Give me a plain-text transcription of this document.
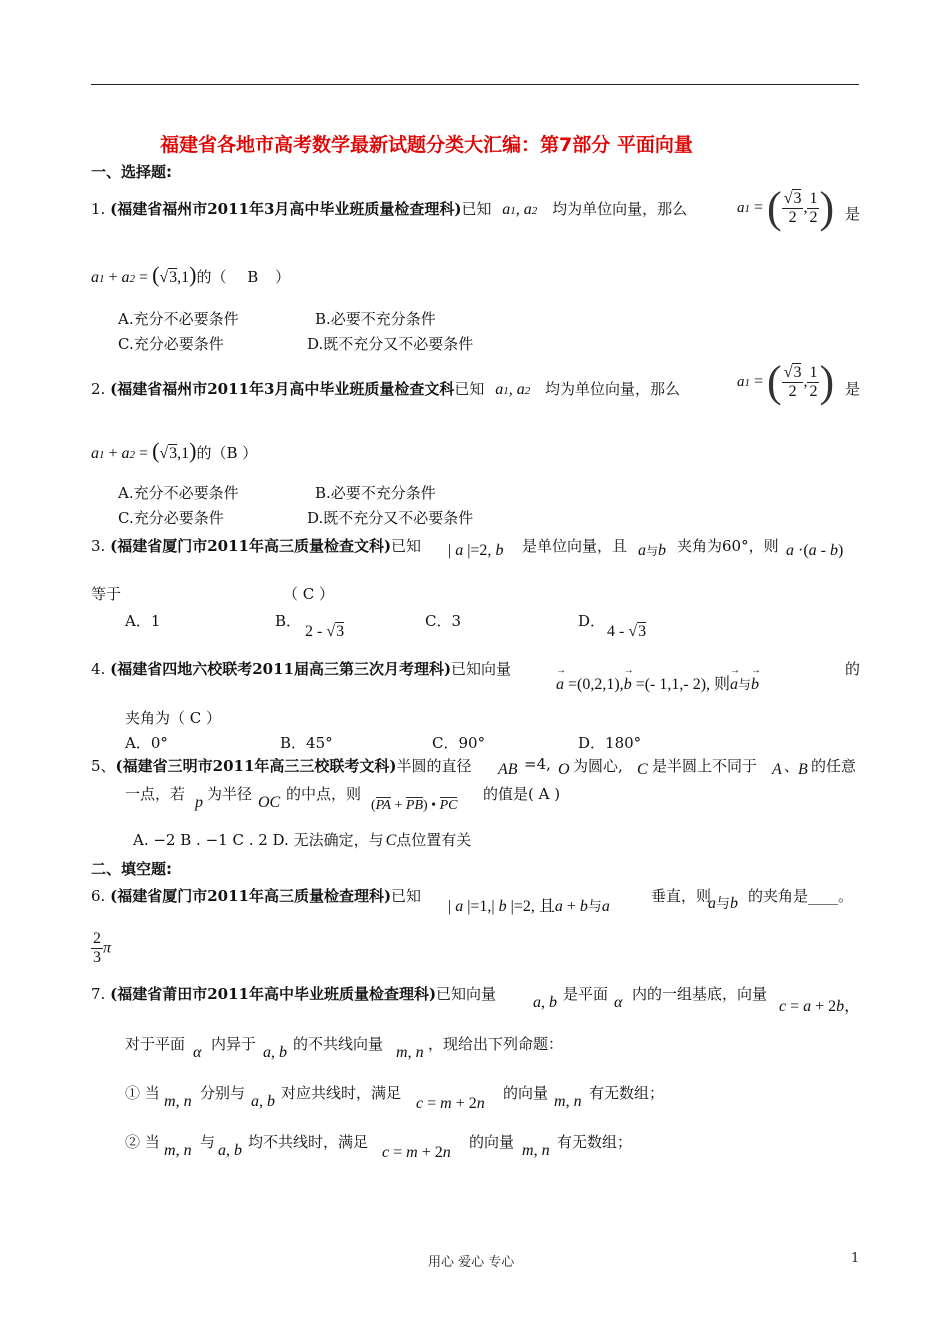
福建省各地市高考数学最新试题分类大汇编：第7部分 平面向量
一、选择题:
1. (福建省福州市2011年3月高中毕业班质量检查理科)已知 a1, a2 均为单位向量，那么	a1 = ( $\frac{√3}{2}$ , $\frac{1}{2}$ ) 是
a1 + a2 = (√3,1)的（ B ）
A.充分不必要条件	B.必要不充分条件
C.充分必要条件	D.既不充分又不必要条件
2. (福建省福州市2011年3月高中毕业班质量检查文科已知 a1, a2 均为单位向量，那么	a1 = ( $\frac{√3}{2}$ , $\frac{1}{2}$ ) 是
a1 + a2 = (√3,1)的（B ）
A.充分不必要条件	B.必要不充分条件
C.充分必要条件	D.既不充分又不必要条件
3. (福建省厦门市2011年高三质量检查文科)已知 | a |=2, b 是单位向量，且 a与b 夹角为60°，则 a ·(a - b)
等于	（ C ）
A．1	B．
2 - √3
C．3	D．
4 - √3
4. (福建省四地六校联考2011届高三第三次月考理科)已知向量
→ a =(0,2,1),→ b =(- 1,1,- 2), 则→ a与→ b
的
夹角为（ C ）
A．0°	B．45°	C．90°	D．180°
5、(福建省三明市2011年高三三校联考文科)半圆的直径 AB =4, O 为圆心, C 是半圆上不同于 A 、
B 的任意
一点，若 p 为半径 OC 的中点，则
(PA + PB) • PC
的值是( A )
A. −2 B . −1 C . 2 D. 无法确定，与 C点位置有关
二、填空题:
6. (福建省厦门市2011年高三质量检查理科)已知
| a |=1,| b |=2, 且a + b与a
垂直，则
a与b 的夹角是____。
$\frac{2}{3}$ π
7. (福建省莆田市2011年高中毕业班质量检查理科)已知向量 a, b 是平面 α 内的一组基底，向量
c = a + 2b，
对于平面 α 内异于 a, b 的不共线向量 m, n ，现给出下列命题：
① 当 m, n 分别与 a, b 对应共线时，满足
c = m + 2n
的向量 m, n 有无数组；
② 当 m, n 与 a, b 均不共线时，满足
c = m + 2n
的向量 m, n 有无数组；
用心 爱心 专心	1
